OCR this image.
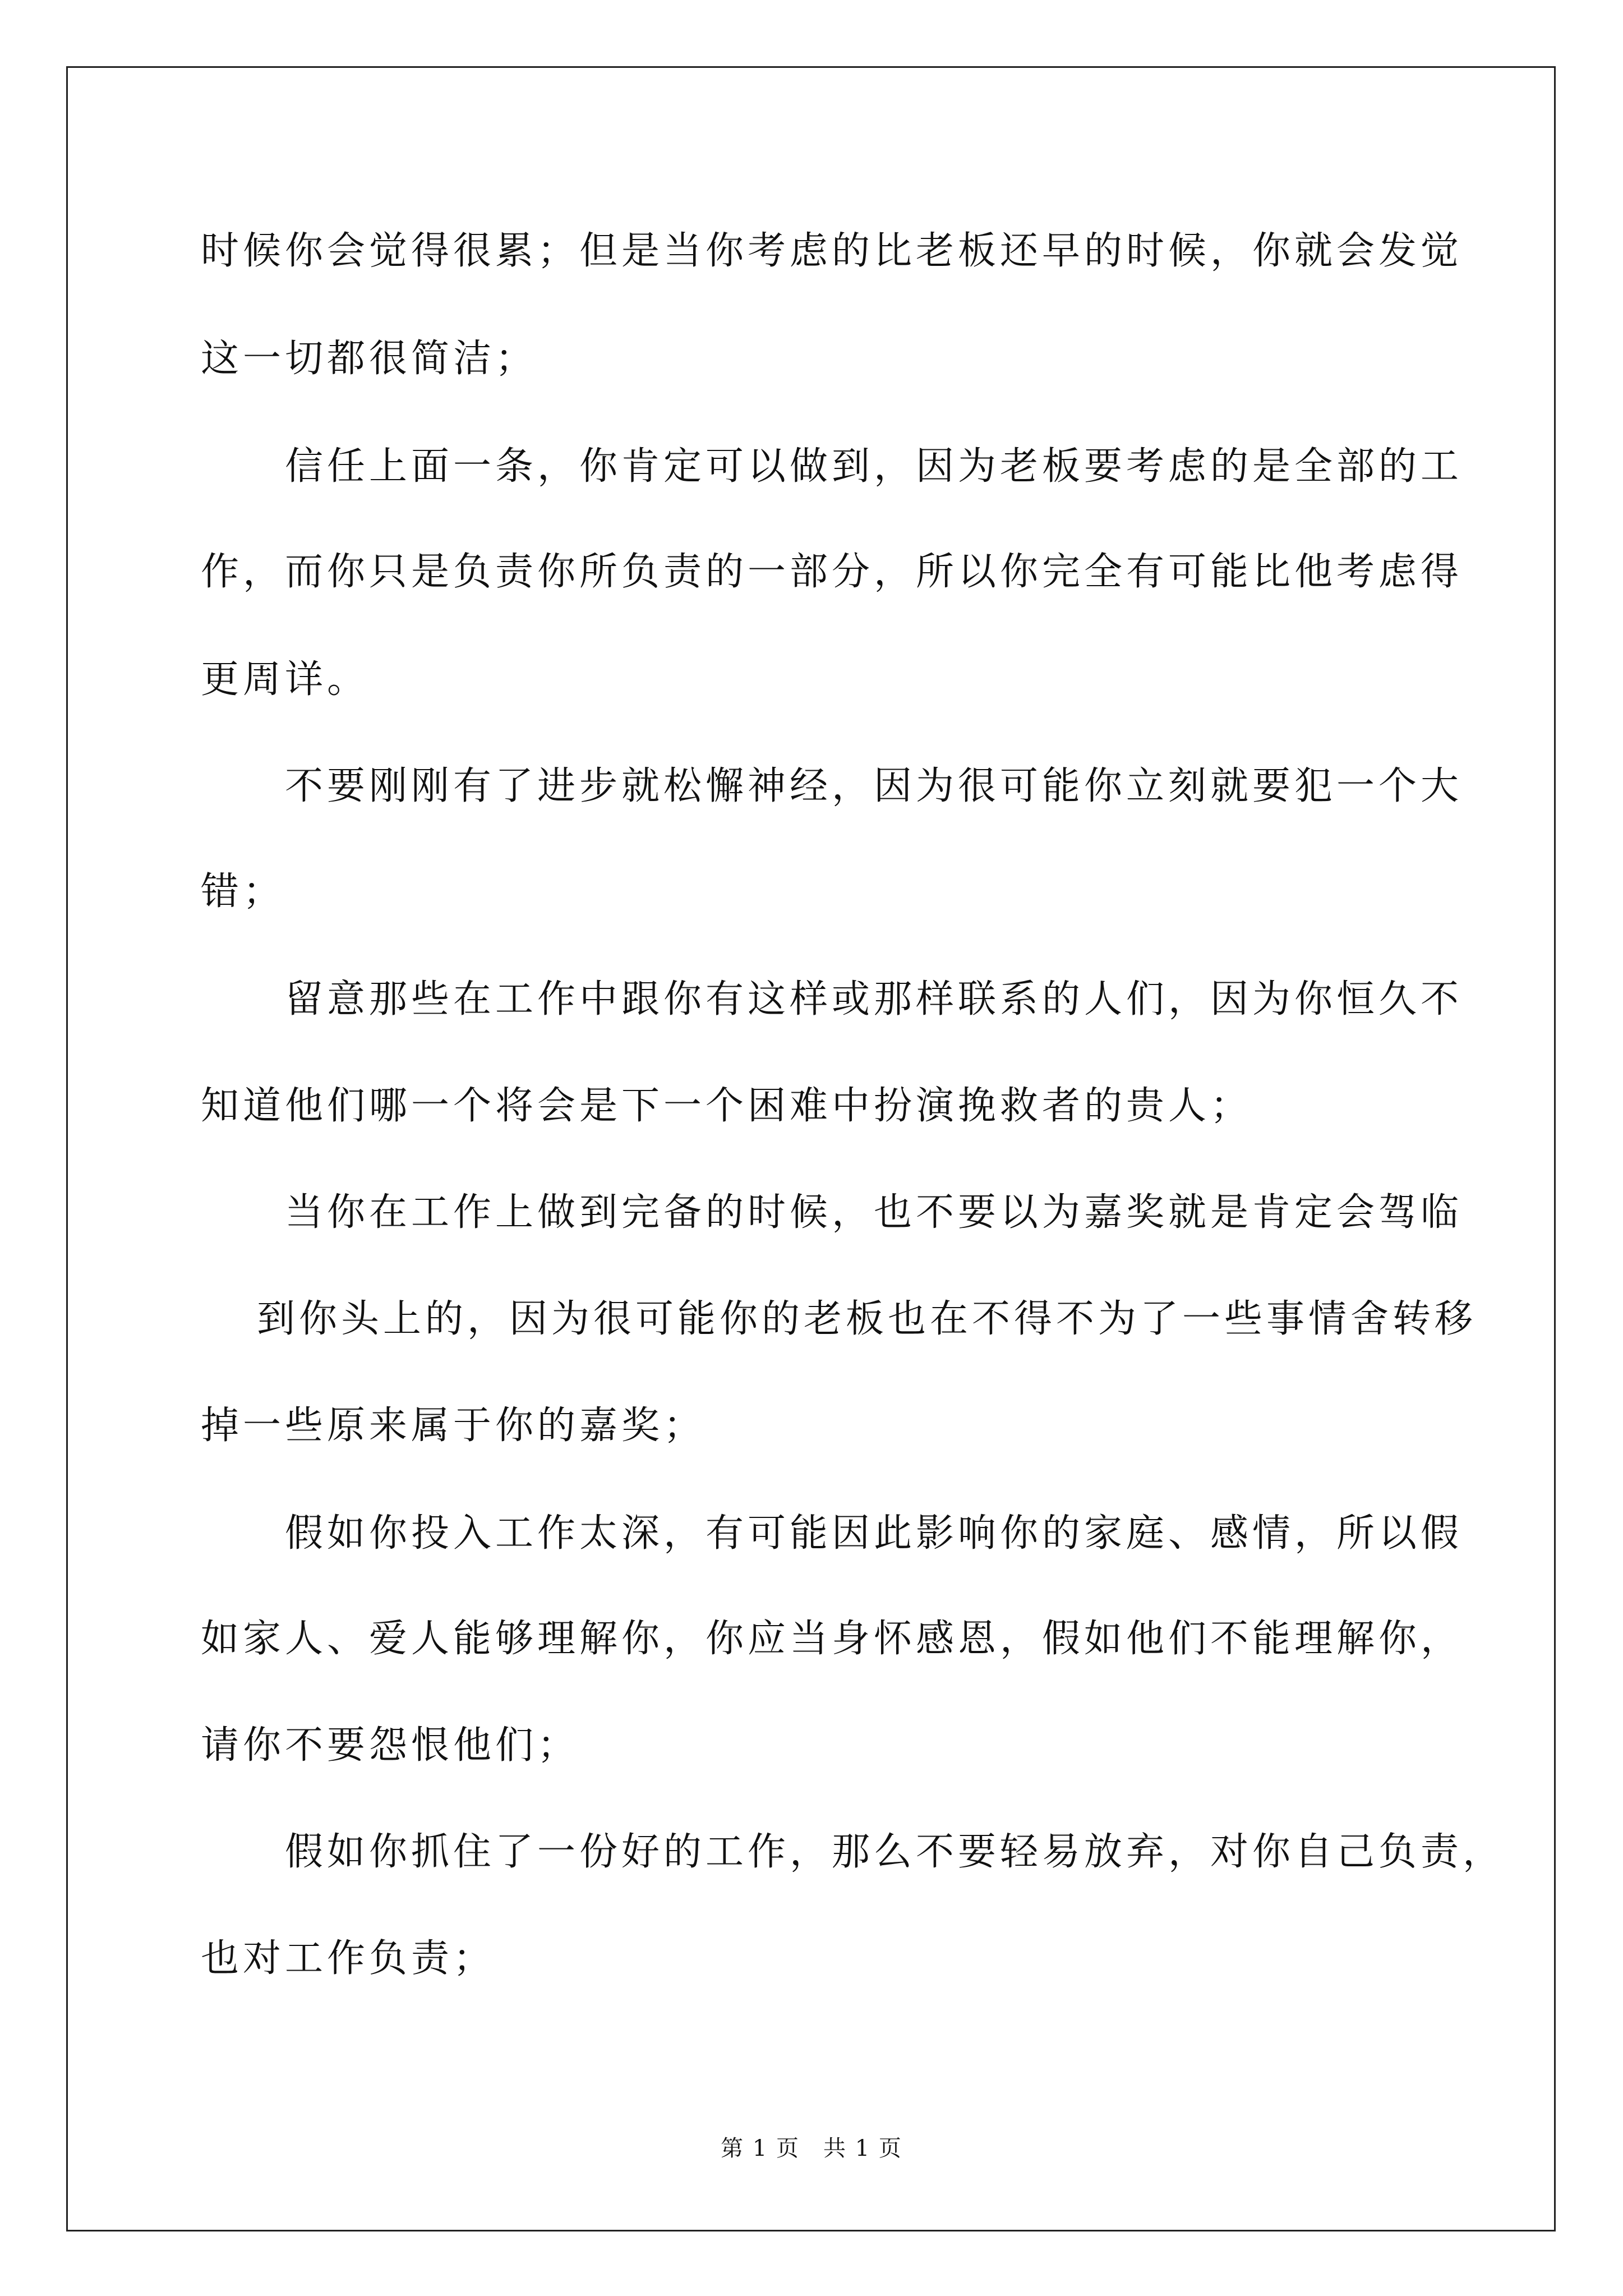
时候你会觉得很累；但是当你考虑的比老板还早的时候，你就会发觉
这一切都很简洁；
信任上面一条，你肯定可以做到，因为老板要考虑的是全部的工
作，而你只是负责你所负责的一部分，所以你完全有可能比他考虑得
更周详。
不要刚刚有了进步就松懈神经，因为很可能你立刻就要犯一个大
错；
留意那些在工作中跟你有这样或那样联系的人们，因为你恒久不
知道他们哪一个将会是下一个困难中扮演挽救者的贵人；
当你在工作上做到完备的时候，也不要以为嘉奖就是肯定会驾临
到你头上的，因为很可能你的老板也在不得不为了一些事情舍转移
掉一些原来属于你的嘉奖；
假如你投入工作太深，有可能因此影响你的家庭、感情，所以假
如家人、爱人能够理解你，你应当身怀感恩，假如他们不能理解你，
请你不要怨恨他们；
假如你抓住了一份好的工作，那么不要轻易放弃，对你自己负责，
也对工作负责；
第 1 页　共 1 页
